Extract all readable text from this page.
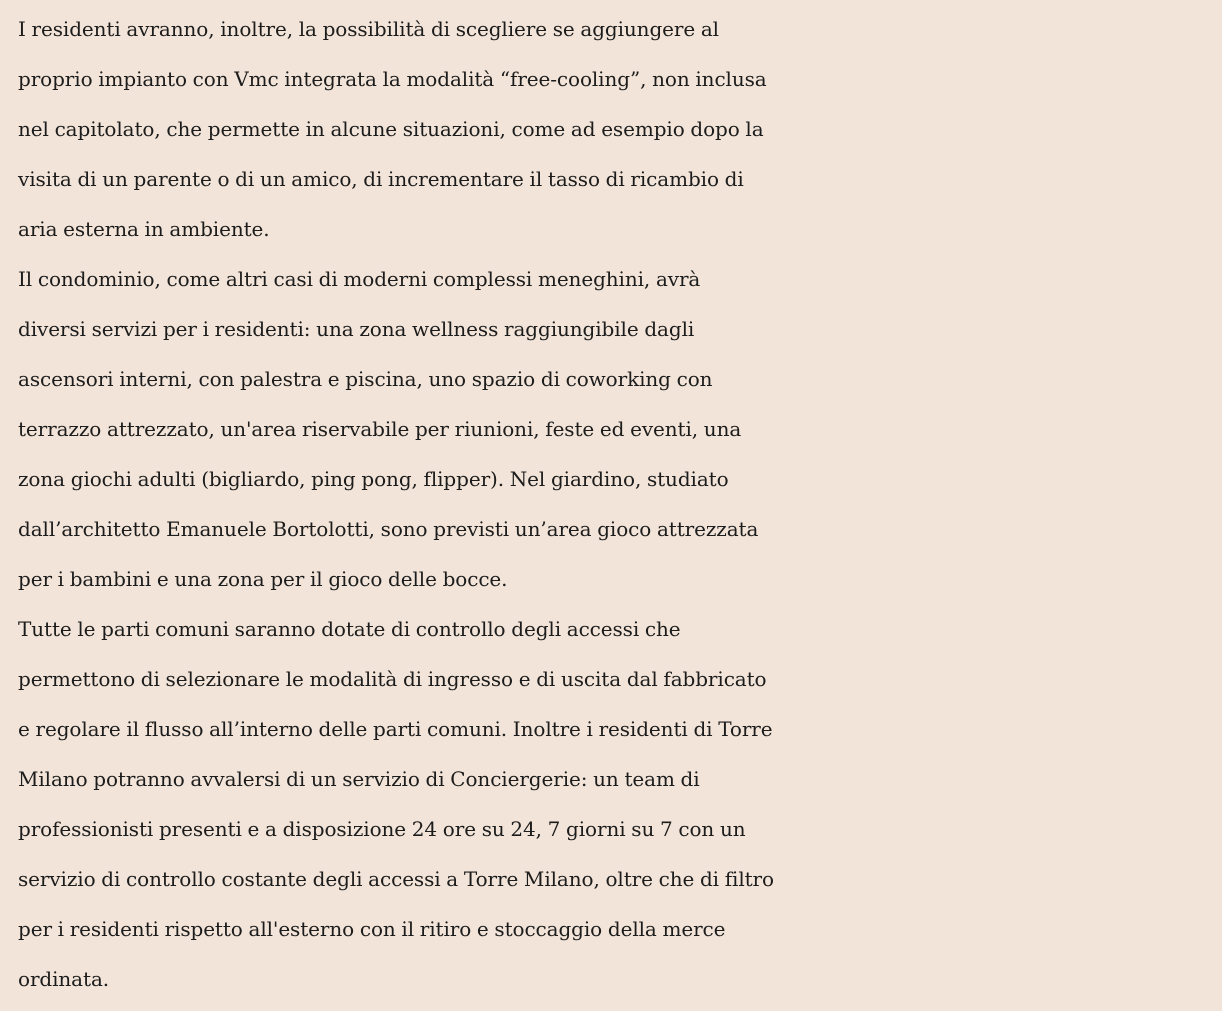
I residenti avranno, inoltre, la possibilità di scegliere se aggiungere al
proprio impianto con Vmc integrata la modalità “free-cooling”, non inclusa
nel capitolato, che permette in alcune situazioni, come ad esempio dopo la
visita di un parente o di un amico, di incrementare il tasso di ricambio di
aria esterna in ambiente.

Il condominio, come altri casi di moderni complessi meneghini, avrà
diversi servizi per i residenti: una zona wellness raggiungibile dagli
ascensori interni, con palestra e piscina, uno spazio di coworking con
terrazzo attrezzato, un'area riservabile per riunioni, feste ed eventi, una
zona giochi adulti (bigliardo, ping pong, flipper). Nel giardino, studiato
dall’architetto Emanuele Bortolotti, sono previsti un’area gioco attrezzata
per i bambini e una zona per il gioco delle bocce.

Tutte le parti comuni saranno dotate di controllo degli accessi che
permettono di selezionare le modalità di ingresso e di uscita dal fabbricato
e regolare il flusso all’interno delle parti comuni. Inoltre i residenti di Torre
Milano potranno avvalersi di un servizio di Conciergerie: un team di
professionisti presenti e a disposizione 24 ore su 24, 7 giorni su 7 con un
servizio di controllo costante degli accessi a Torre Milano, oltre che di filtro
per i residenti rispetto all'esterno con il ritiro e stoccaggio della merce
ordinata.
